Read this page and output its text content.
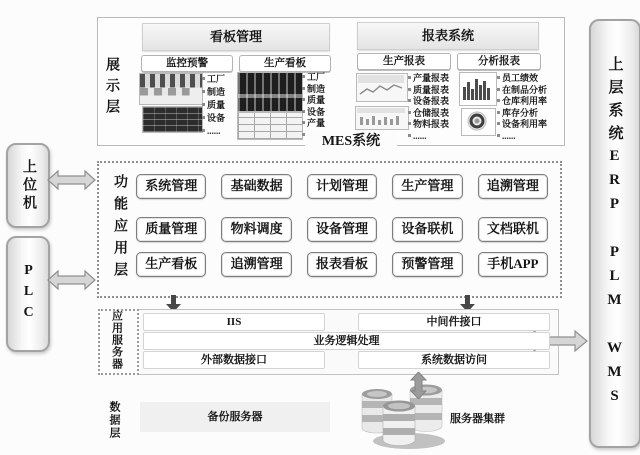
展示层
看板管理	报表系统
监控预警	生产看板	生产报表	分析报表
工厂
制造
质量
设备
......
工厂
制造
质量
设备
产量
产量报表
质量报表
设备报表
仓储报表
物料报表
......
员工绩效
在制品分析
仓库利用率
库存分析
设备利用率
......
MES系统
功能应用层	系统管理	基础数据	计划管理	生产管理	追溯管理
质量管理	物料调度	设备管理	设备联机	文档联机
生产看板	追溯管理	报表看板	预警管理	手机APP
应用服务器	IIS	中间件接口
业务逻辑处理
外部数据接口	系统数据访问
数据层	备份服务器	服务器集群
上位机
PLC	上层系统ERP PLM WMS
